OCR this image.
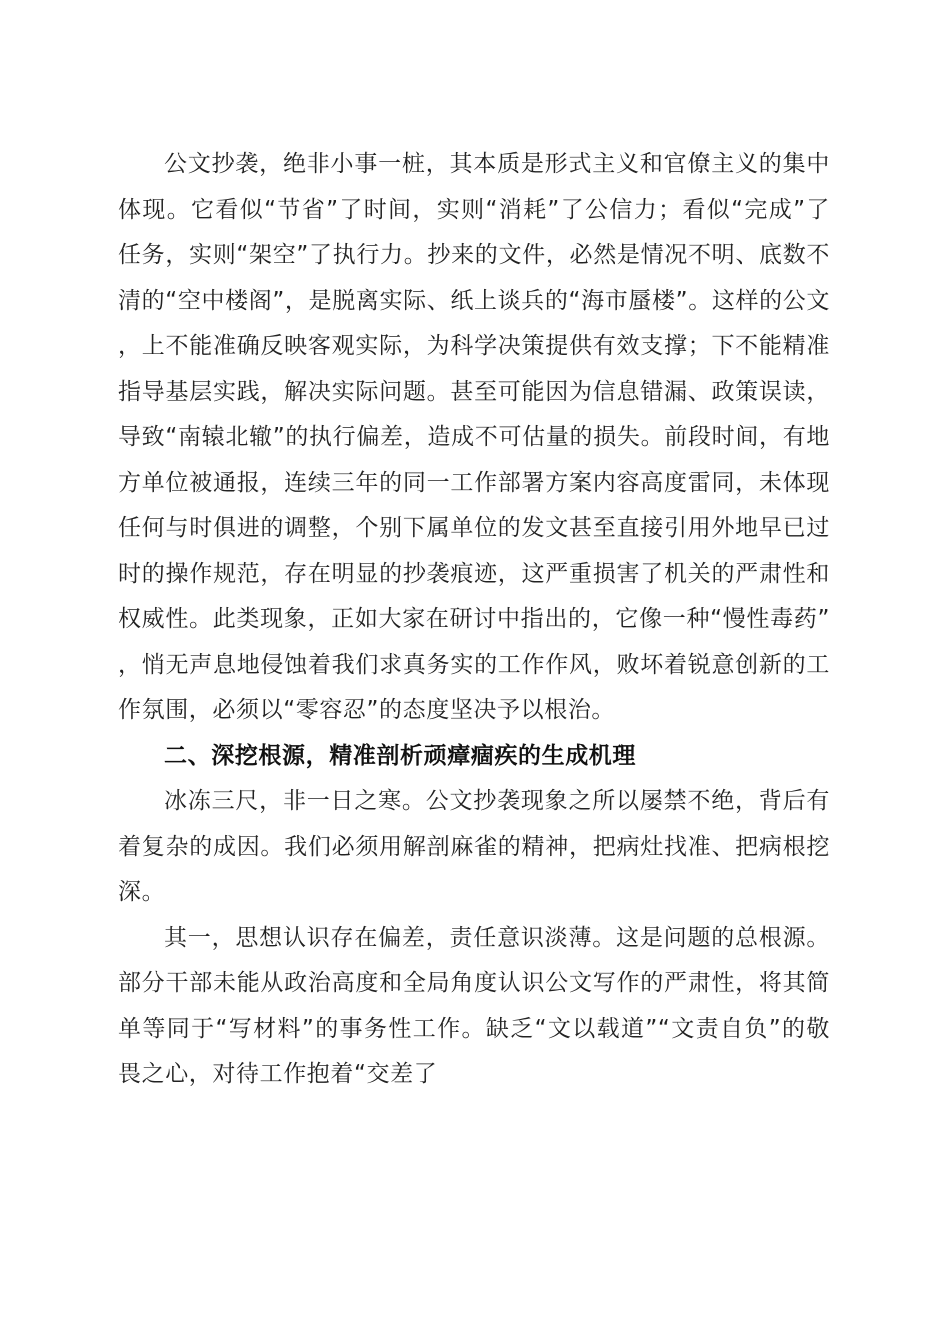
公文抄袭，绝非小事一桩，其本质是形式主义和官僚主义的集中体现。它看似“节省”了时间，实则“消耗”了公信力；看似“完成”了任务，实则“架空”了执行力。抄来的文件，必然是情况不明、底数不清的“空中楼阁”，是脱离实际、纸上谈兵的“海市蜃楼”。这样的公文，上不能准确反映客观实际，为科学决策提供有效支撑；下不能精准指导基层实践，解决实际问题。甚至可能因为信息错漏、政策误读，导致“南辕北辙”的执行偏差，造成不可估量的损失。前段时间，有地方单位被通报，连续三年的同一工作部署方案内容高度雷同，未体现任何与时俱进的调整，个别下属单位的发文甚至直接引用外地早已过时的操作规范，存在明显的抄袭痕迹，这严重损害了机关的严肃性和权威性。此类现象，正如大家在研讨中指出的，它像一种“慢性毒药”，悄无声息地侵蚀着我们求真务实的工作作风，败坏着锐意创新的工作氛围，必须以“零容忍”的态度坚决予以根治。

二、深挖根源，精准剖析顽瘴痼疾的生成机理

冰冻三尺，非一日之寒。公文抄袭现象之所以屡禁不绝，背后有着复杂的成因。我们必须用解剖麻雀的精神，把病灶找准、把病根挖深。

其一，思想认识存在偏差，责任意识淡薄。这是问题的总根源。部分干部未能从政治高度和全局角度认识公文写作的严肃性，将其简单等同于“写材料”的事务性工作。缺乏“文以载道”“文责自负”的敬畏之心，对待工作抱着“交差了
